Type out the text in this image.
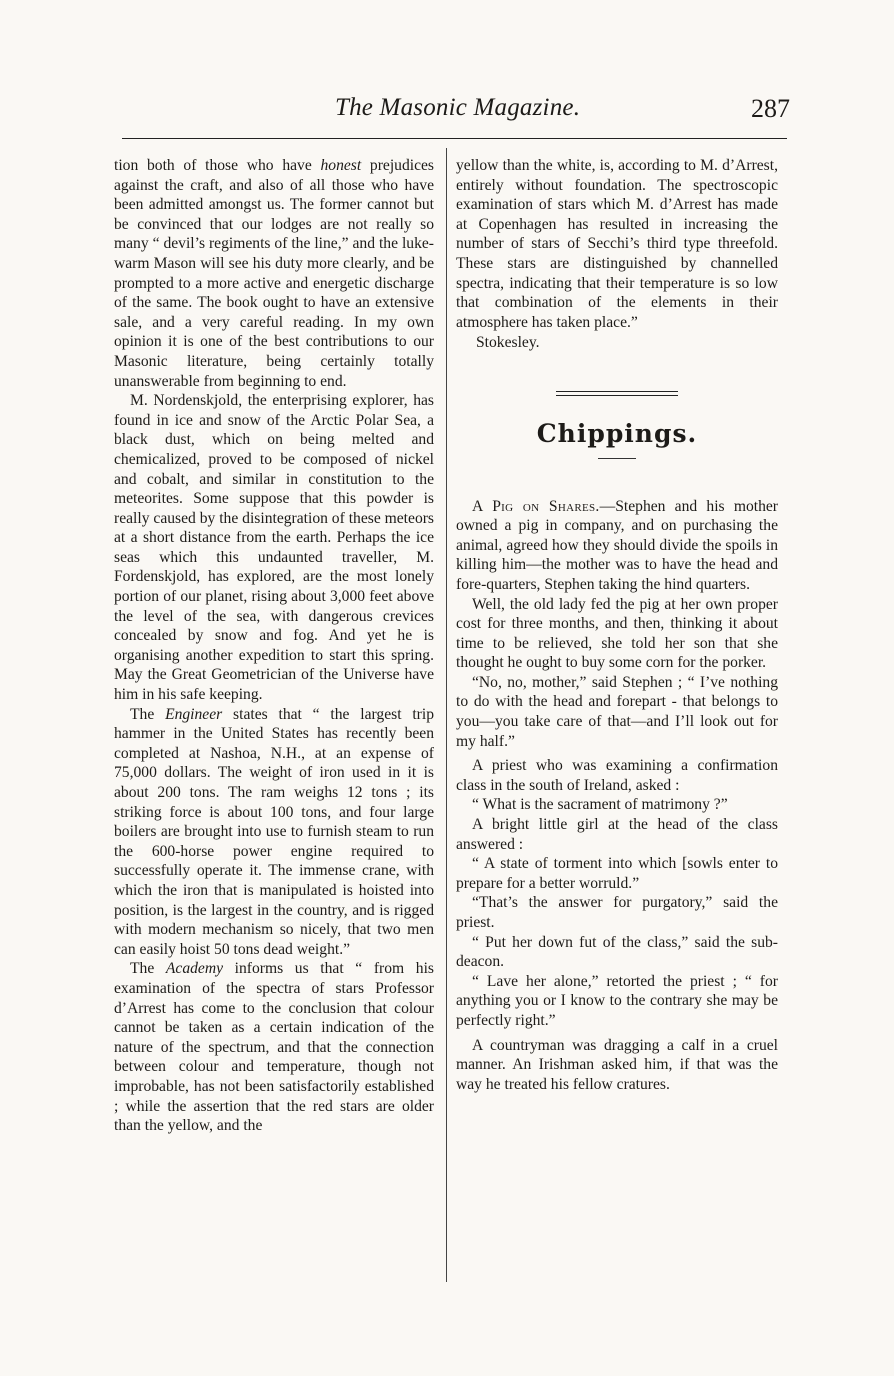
The Masonic Magazine.	287

tion both of those who have honest prejudices against the craft, and also of all those who have been admitted amongst us. The former cannot but be convinced that our lodges are not really so many “ devil’s regiments of the line,” and the luke-warm Mason will see his duty more clearly, and be prompted to a more active and energetic discharge of the same. The book ought to have an extensive sale, and a very careful reading. In my own opinion it is one of the best contributions to our Masonic literature, being certainly totally unanswerable from beginning to end.

M. Nordenskjold, the enterprising explorer, has found in ice and snow of the Arctic Polar Sea, a black dust, which on being melted and chemicalized, proved to be composed of nickel and cobalt, and similar in constitution to the meteorites. Some suppose that this powder is really caused by the disintegration of these meteors at a short distance from the earth. Perhaps the ice seas which this undaunted traveller, M. Fordenskjold, has explored, are the most lonely portion of our planet, rising about 3,000 feet above the level of the sea, with dangerous crevices concealed by snow and fog. And yet he is organising another expedition to start this spring. May the Great Geometrician of the Universe have him in his safe keeping.

The Engineer states that “ the largest trip hammer in the United States has recently been completed at Nashoa, N.H., at an expense of 75,000 dollars. The weight of iron used in it is about 200 tons. The ram weighs 12 tons ; its striking force is about 100 tons, and four large boilers are brought into use to furnish steam to run the 600-horse power engine required to successfully operate it. The immense crane, with which the iron that is manipulated is hoisted into position, is the largest in the country, and is rigged with modern mechanism so nicely, that two men can easily hoist 50 tons dead weight.”

The Academy informs us that “ from his examination of the spectra of stars Professor d’Arrest has come to the conclusion that colour cannot be taken as a certain indication of the nature of the spectrum, and that the connection between colour and temperature, though not improbable, has not been satisfactorily established ; while the assertion that the red stars are older than the yellow, and the

yellow than the white, is, according to M. d’Arrest, entirely without foundation. The spectroscopic examination of stars which M. d’Arrest has made at Copenhagen has resulted in increasing the number of stars of Secchi’s third type threefold. These stars are distinguished by channelled spectra, indicating that their temperature is so low that combination of the elements in their atmosphere has taken place.”

Stokesley.

Chippings.

A Pig on Shares.—Stephen and his mother owned a pig in company, and on purchasing the animal, agreed how they should divide the spoils in killing him—the mother was to have the head and fore-quarters, Stephen taking the hind quarters.

Well, the old lady fed the pig at her own proper cost for three months, and then, thinking it about time to be relieved, she told her son that she thought he ought to buy some corn for the porker.

“No, no, mother,” said Stephen ; “ I’ve nothing to do with the head and forepart - that belongs to you—you take care of that—and I’ll look out for my half.”

A priest who was examining a confirmation class in the south of Ireland, asked :

“ What is the sacrament of matrimony ?”

A bright little girl at the head of the class answered :

“ A state of torment into which [sowls enter to prepare for a better worruld.”

“That’s the answer for purgatory,” said the priest.

“ Put her down fut of the class,” said the sub-deacon.

“ Lave her alone,” retorted the priest ; “ for anything you or I know to the contrary she may be perfectly right.”

A countryman was dragging a calf in a cruel manner. An Irishman asked him, if that was the way he treated his fellow cratures.
